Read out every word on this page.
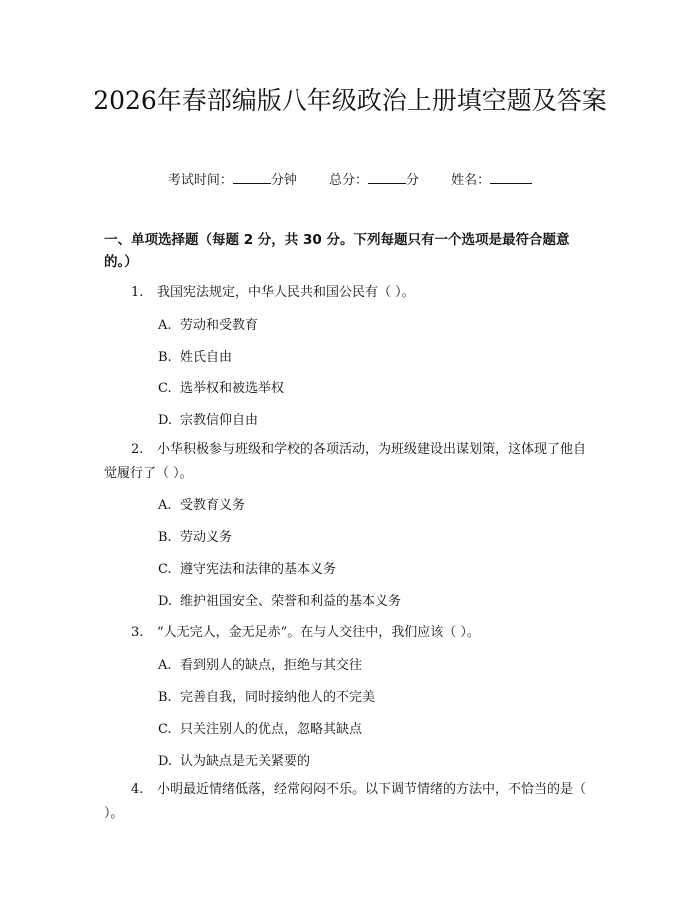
2026年春部编版八年级政治上册填空题及答案
考试时间：	分钟 总分：	分 姓名：
一、单项选择题（每题 2 分，共 30 分。下列每题只有一个选项是最符合题意的。）
1. 我国宪法规定，中华人民共和国公民有（ ）。
A. 劳动和受教育
B. 姓氏自由
C. 选举权和被选举权
D. 宗教信仰自由
2. 小华积极参与班级和学校的各项活动，为班级建设出谋划策，这体现了他自觉履行了（ ）。
A. 受教育义务
B. 劳动义务
C. 遵守宪法和法律的基本义务
D. 维护祖国安全、荣誉和利益的基本义务
3. “人无完人，金无足赤”。在与人交往中，我们应该（ ）。
A. 看到别人的缺点，拒绝与其交往
B. 完善自我，同时接纳他人的不完美
C. 只关注别人的优点，忽略其缺点
D. 认为缺点是无关紧要的
4. 小明最近情绪低落，经常闷闷不乐。以下调节情绪的方法中，不恰当的是（ ）。
